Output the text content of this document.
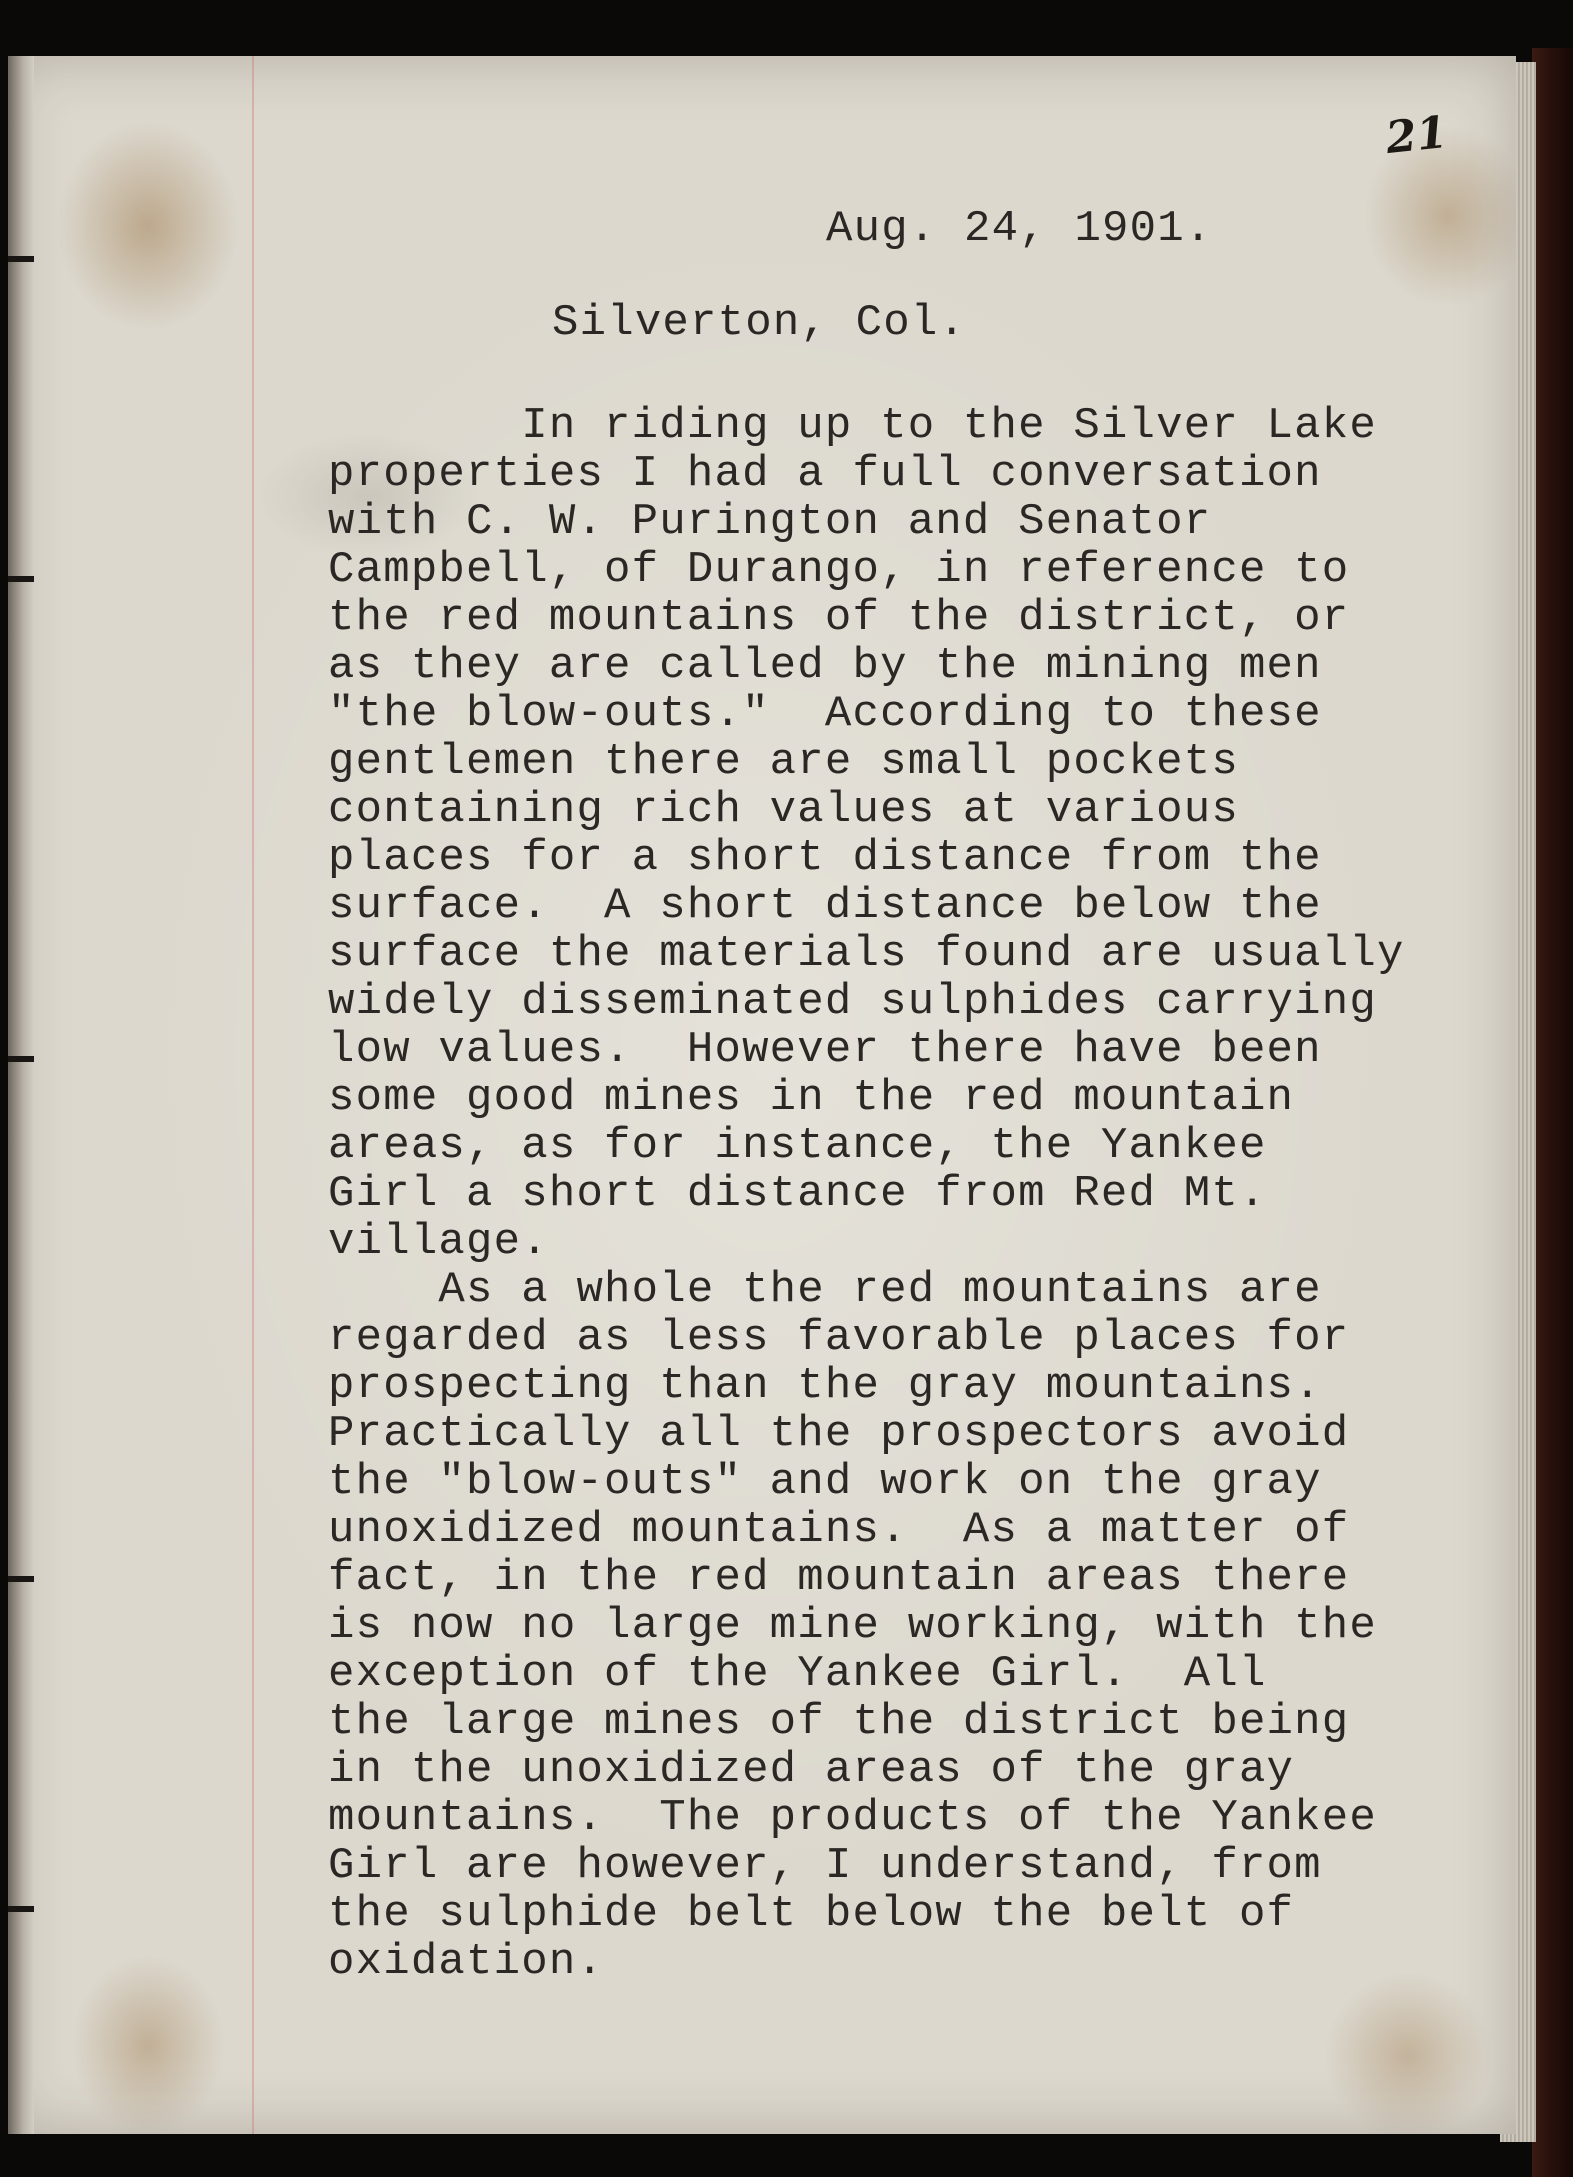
21
Aug. 24, 1901.
Silverton, Col.
In riding up to the Silver Lake
properties I had a full conversation
with C. W. Purington and Senator
Campbell, of Durango, in reference to
the red mountains of the district, or
as they are called by the mining men
"the blow-outs."  According to these
gentlemen there are small pockets
containing rich values at various
places for a short distance from the
surface.  A short distance below the
surface the materials found are usually
widely disseminated sulphides carrying
low values.  However there have been
some good mines in the red mountain
areas, as for instance, the Yankee
Girl a short distance from Red Mt.
village.
As a whole the red mountains are
regarded as less favorable places for
prospecting than the gray mountains.
Practically all the prospectors avoid
the "blow-outs" and work on the gray
unoxidized mountains.  As a matter of
fact, in the red mountain areas there
is now no large mine working, with the
exception of the Yankee Girl.  All
the large mines of the district being
in the unoxidized areas of the gray
mountains.  The products of the Yankee
Girl are however, I understand, from
the sulphide belt below the belt of
oxidation.
